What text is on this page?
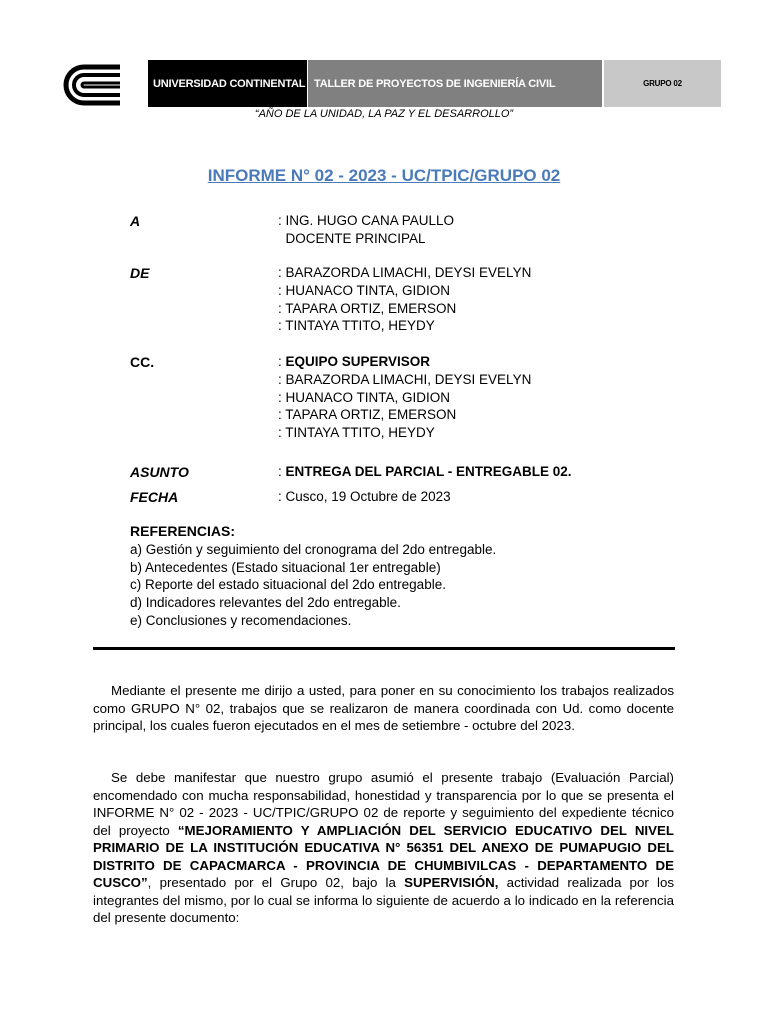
UNIVERSIDAD CONTINENTAL TALLER DE PROYECTOS DE INGENIERÍA CIVIL	GRUPO 02
“AÑO DE LA UNIDAD, LA PAZ Y EL DESARROLLO”
INFORME N° 02 - 2023 - UC/TPIC/GRUPO 02
A	: ING. HUGO CANA PAULLO
DOCENTE PRINCIPAL
DE	: BARAZORDA LIMACHI, DEYSI EVELYN
: HUANACO TINTA, GIDION
: TAPARA ORTIZ, EMERSON
: TINTAYA TTITO, HEYDY
CC.	: EQUIPO SUPERVISOR
: BARAZORDA LIMACHI, DEYSI EVELYN
: HUANACO TINTA, GIDION
: TAPARA ORTIZ, EMERSON
: TINTAYA TTITO, HEYDY
ASUNTO	: ENTREGA DEL PARCIAL - ENTREGABLE 02.
FECHA	: Cusco, 19 Octubre de 2023
REFERENCIAS:
a) Gestión y seguimiento del cronograma del 2do entregable.
b) Antecedentes (Estado situacional 1er entregable)
c) Reporte del estado situacional del 2do entregable.
d) Indicadores relevantes del 2do entregable.
e) Conclusiones y recomendaciones.
Mediante el presente me dirijo a usted, para poner en su conocimiento los trabajos realizados como GRUPO N° 02, trabajos que se realizaron de manera coordinada con Ud. como docente principal, los cuales fueron ejecutados en el mes de setiembre - octubre del 2023.
Se debe manifestar que nuestro grupo asumió el presente trabajo (Evaluación Parcial) encomendado con mucha responsabilidad, honestidad y transparencia por lo que se presenta el INFORME N° 02 - 2023 - UC/TPIC/GRUPO 02 de reporte y seguimiento del expediente técnico del proyecto “MEJORAMIENTO Y AMPLIACIÓN DEL SERVICIO EDUCATIVO DEL NIVEL PRIMARIO DE LA INSTITUCIÓN EDUCATIVA N° 56351 DEL ANEXO DE PUMAPUGIO DEL DISTRITO DE CAPACMARCA - PROVINCIA DE CHUMBIVILCAS - DEPARTAMENTO DE CUSCO”, presentado por el Grupo 02, bajo la SUPERVISIÓN, actividad realizada por los integrantes del mismo, por lo cual se informa lo siguiente de acuerdo a lo indicado en la referencia del presente documento:
